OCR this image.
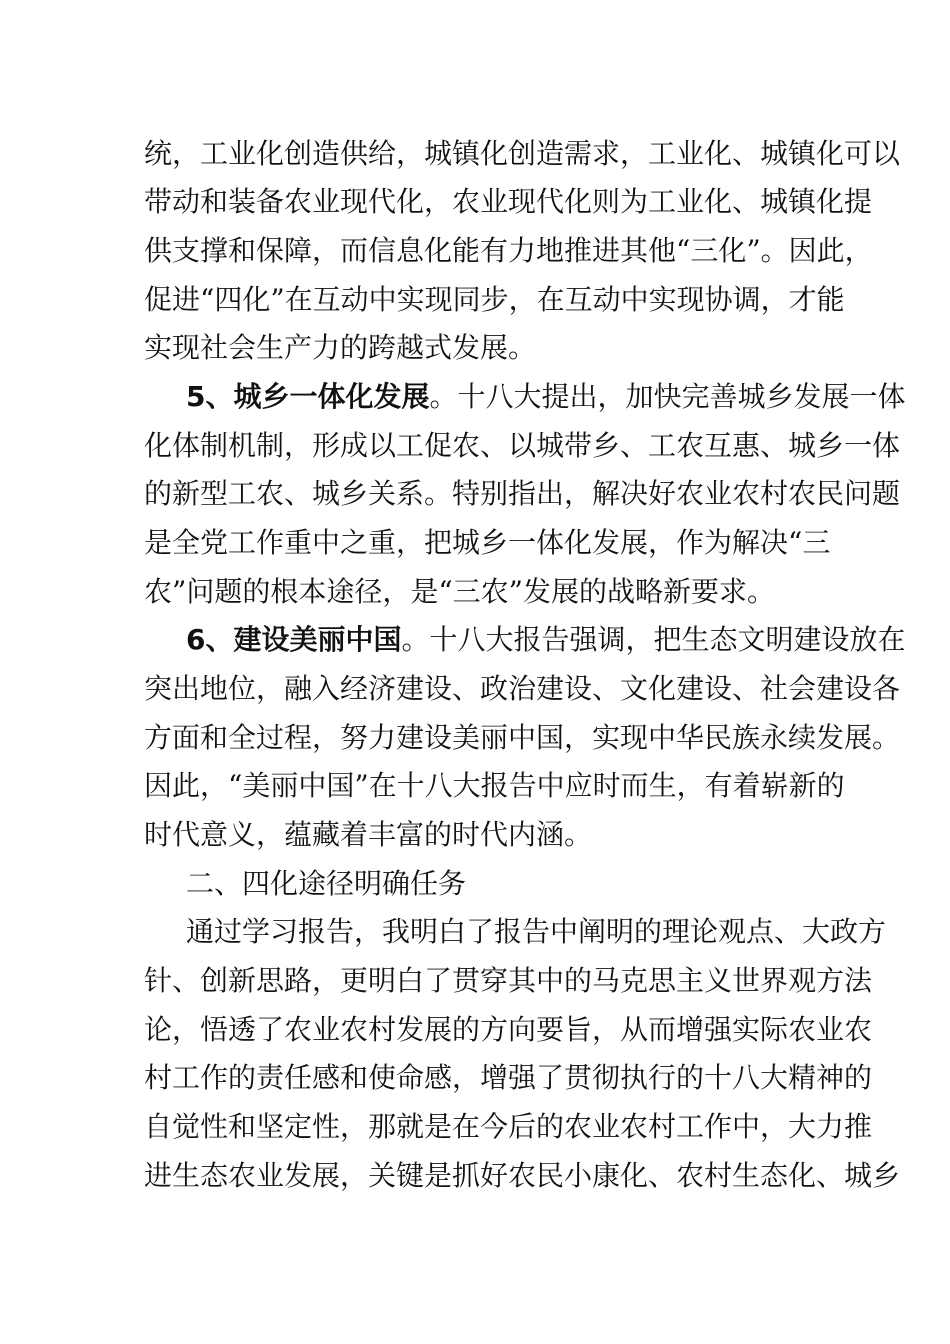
统，工业化创造供给，城镇化创造需求，工业化、城镇化可以
带动和装备农业现代化，农业现代化则为工业化、城镇化提
供支撑和保障，而信息化能有力地推进其他“三化”。因此，
促进“四化”在互动中实现同步，在互动中实现协调，才能
实现社会生产力的跨越式发展。
5、城乡一体化发展。十八大提出，加快完善城乡发展一体
化体制机制，形成以工促农、以城带乡、工农互惠、城乡一体
的新型工农、城乡关系。特别指出，解决好农业农村农民问题
是全党工作重中之重，把城乡一体化发展，作为解决“三
农”问题的根本途径，是“三农”发展的战略新要求。
6、建设美丽中国。十八大报告强调，把生态文明建设放在
突出地位，融入经济建设、政治建设、文化建设、社会建设各
方面和全过程，努力建设美丽中国，实现中华民族永续发展。
因此，“美丽中国”在十八大报告中应时而生，有着崭新的
时代意义，蕴藏着丰富的时代内涵。
二、四化途径明确任务
通过学习报告，我明白了报告中阐明的理论观点、大政方
针、创新思路，更明白了贯穿其中的马克思主义世界观方法
论，悟透了农业农村发展的方向要旨，从而增强实际农业农
村工作的责任感和使命感，增强了贯彻执行的十八大精神的
自觉性和坚定性，那就是在今后的农业农村工作中，大力推
进生态农业发展，关键是抓好农民小康化、农村生态化、城乡
